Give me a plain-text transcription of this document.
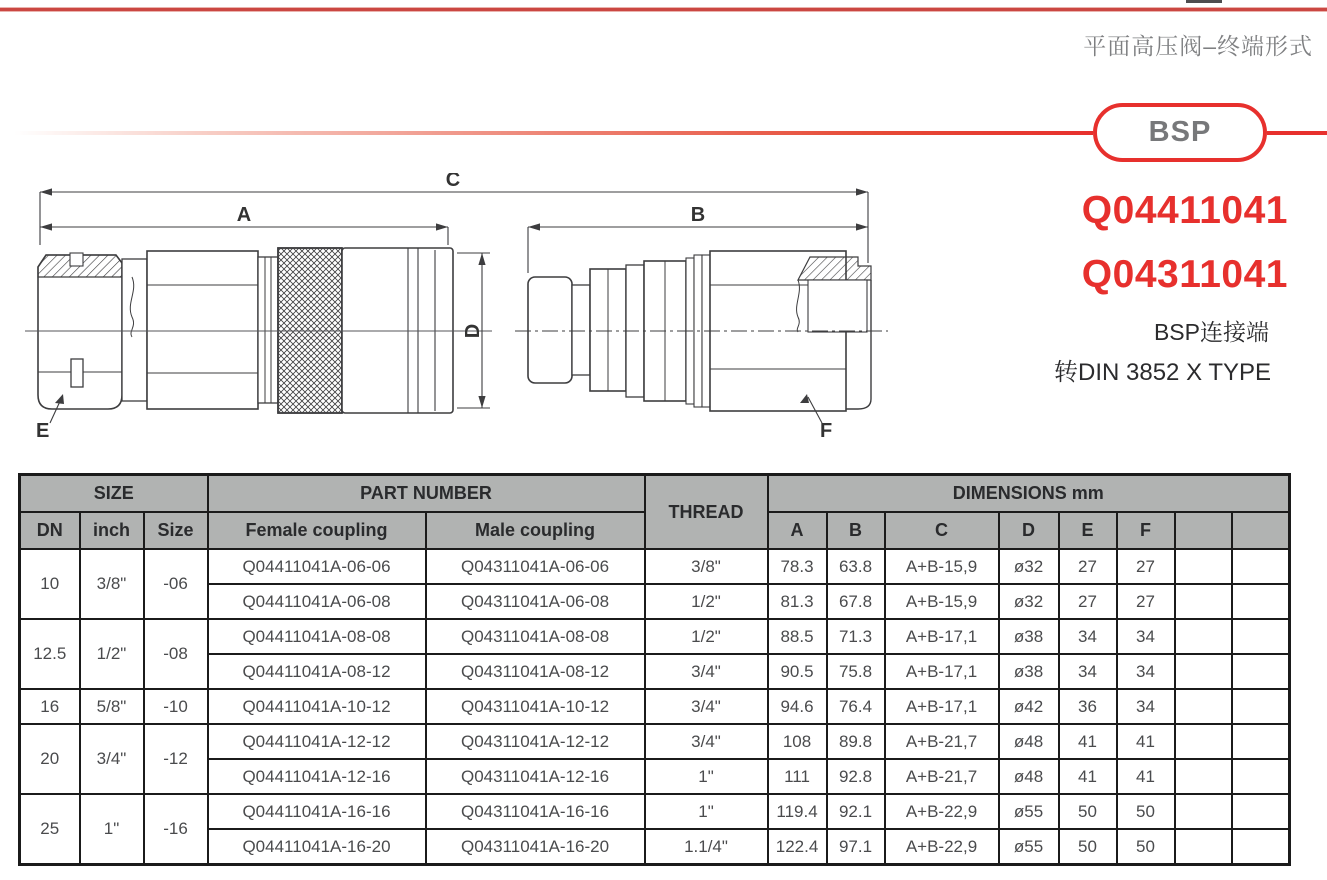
平面高压阀–终端形式
BSP
Q04411041
Q04311041
BSP连接端
转DIN 3852 X TYPE
C
A	B
D
E	F
SIZE			PART NUMBER		THREAD	DIMENSIONS mm							
DN	inch	Size	Female coupling	Male coupling		A	B	C	D	E	F		
10	3/8"	-06	Q04411041A-06-06	Q04311041A-06-06	3/8"	78.3	63.8	A+B-15,9	ø32	27	27		
			Q04411041A-06-08	Q04311041A-06-08	1/2"	81.3	67.8	A+B-15,9	ø32	27	27		
12.5	1/2"	-08	Q04411041A-08-08	Q04311041A-08-08	1/2"	88.5	71.3	A+B-17,1	ø38	34	34		
			Q04411041A-08-12	Q04311041A-08-12	3/4"	90.5	75.8	A+B-17,1	ø38	34	34		
16	5/8"	-10	Q04411041A-10-12	Q04311041A-10-12	3/4"	94.6	76.4	A+B-17,1	ø42	36	34		
20	3/4"	-12	Q04411041A-12-12	Q04311041A-12-12	3/4"	108	89.8	A+B-21,7	ø48	41	41		
			Q04411041A-12-16	Q04311041A-12-16	1"	111	92.8	A+B-21,7	ø48	41	41		
25	1"	-16	Q04411041A-16-16	Q04311041A-16-16	1"	119.4	92.1	A+B-22,9	ø55	50	50		
			Q04411041A-16-20	Q04311041A-16-20	1.1/4"	122.4	97.1	A+B-22,9	ø55	50	50		
